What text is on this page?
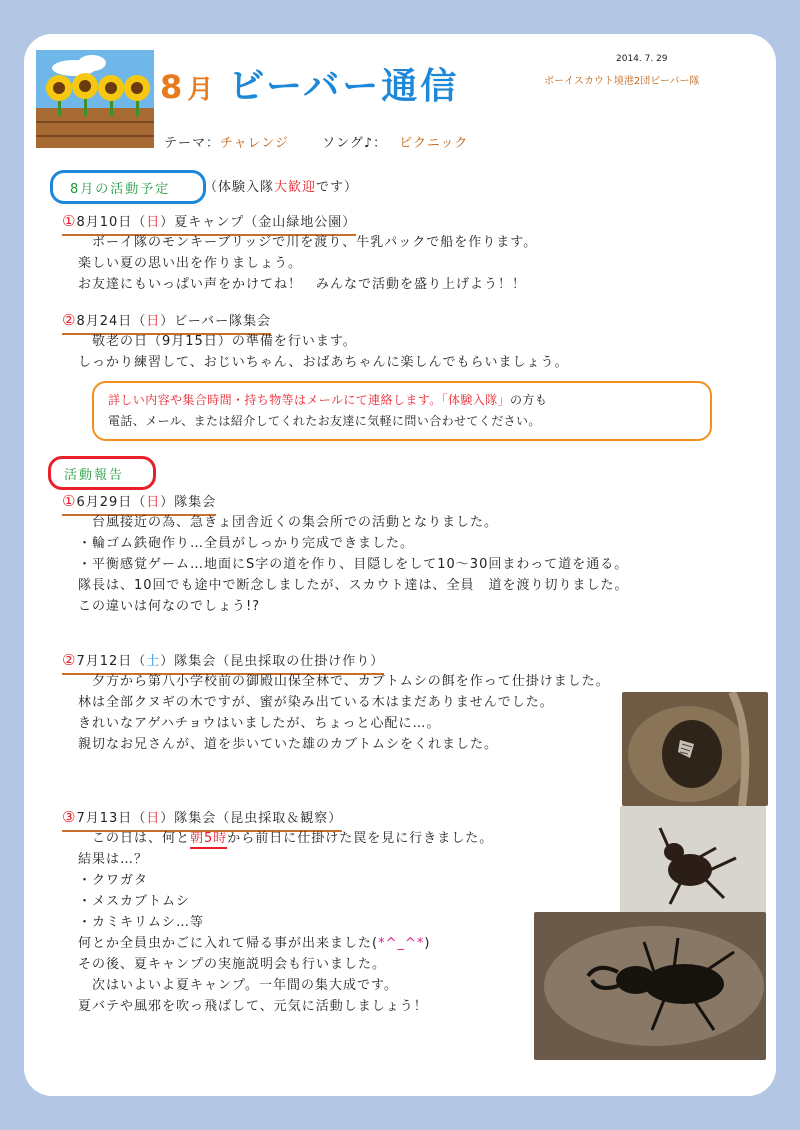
8 月 ビーバー通信
2014. 7. 29
ボーイスカウト境港2団ビーバー隊
テーマ：チャレンジ	ソング♪： ピクニック
8月の活動予定	（体験入隊大歓迎です）
①8月10日（日）夏キャンプ（金山緑地公園）
　ボーイ隊のモンキーブリッジで川を渡り、牛乳パックで船を作ります。
楽しい夏の思い出を作りましょう。
お友達にもいっぱい声をかけてね！　みんなで活動を盛り上げよう！！
②8月24日（日）ビーバー隊集会
　敬老の日（9月15日）の準備を行います。
しっかり練習して、おじいちゃん、おばあちゃんに楽しんでもらいましょう。
詳しい内容や集合時間・持ち物等はメールにて連絡します。「体験入隊」の方も
電話、メール、または紹介してくれたお友達に気軽に問い合わせてください。
活動報告
①6月29日（日）隊集会
　台風接近の為、急きょ団舎近くの集会所での活動となりました。
・輪ゴム鉄砲作り…全員がしっかり完成できました。
・平衡感覚ゲーム…地面にS字の道を作り、目隠しをして10～30回まわって道を通る。
隊長は、10回でも途中で断念しましたが、スカウト達は、全員　道を渡り切りました。
この違いは何なのでしょう!?
②7月12日（土）隊集会（昆虫採取の仕掛け作り）
　夕方から第八小学校前の御殿山保全林で、カブトムシの餌を作って仕掛けました。
林は全部クヌギの木ですが、蜜が染み出ている木はまだありませんでした。
きれいなアゲハチョウはいましたが、ちょっと心配に…。
親切なお兄さんが、道を歩いていた雄のカブトムシをくれました。
③7月13日（日）隊集会（昆虫採取＆観察）
　この日は、何と朝5時から前日に仕掛けた罠を見に行きました。
結果は…？
・クワガタ
・メスカブトムシ
・カミキリムシ…等
何とか全員虫かごに入れて帰る事が出来ました(*^_^*)
その後、夏キャンプの実施説明会も行いました。
　次はいよいよ夏キャンプ。一年間の集大成です。
夏バテや風邪を吹っ飛ばして、元気に活動しましょう！
